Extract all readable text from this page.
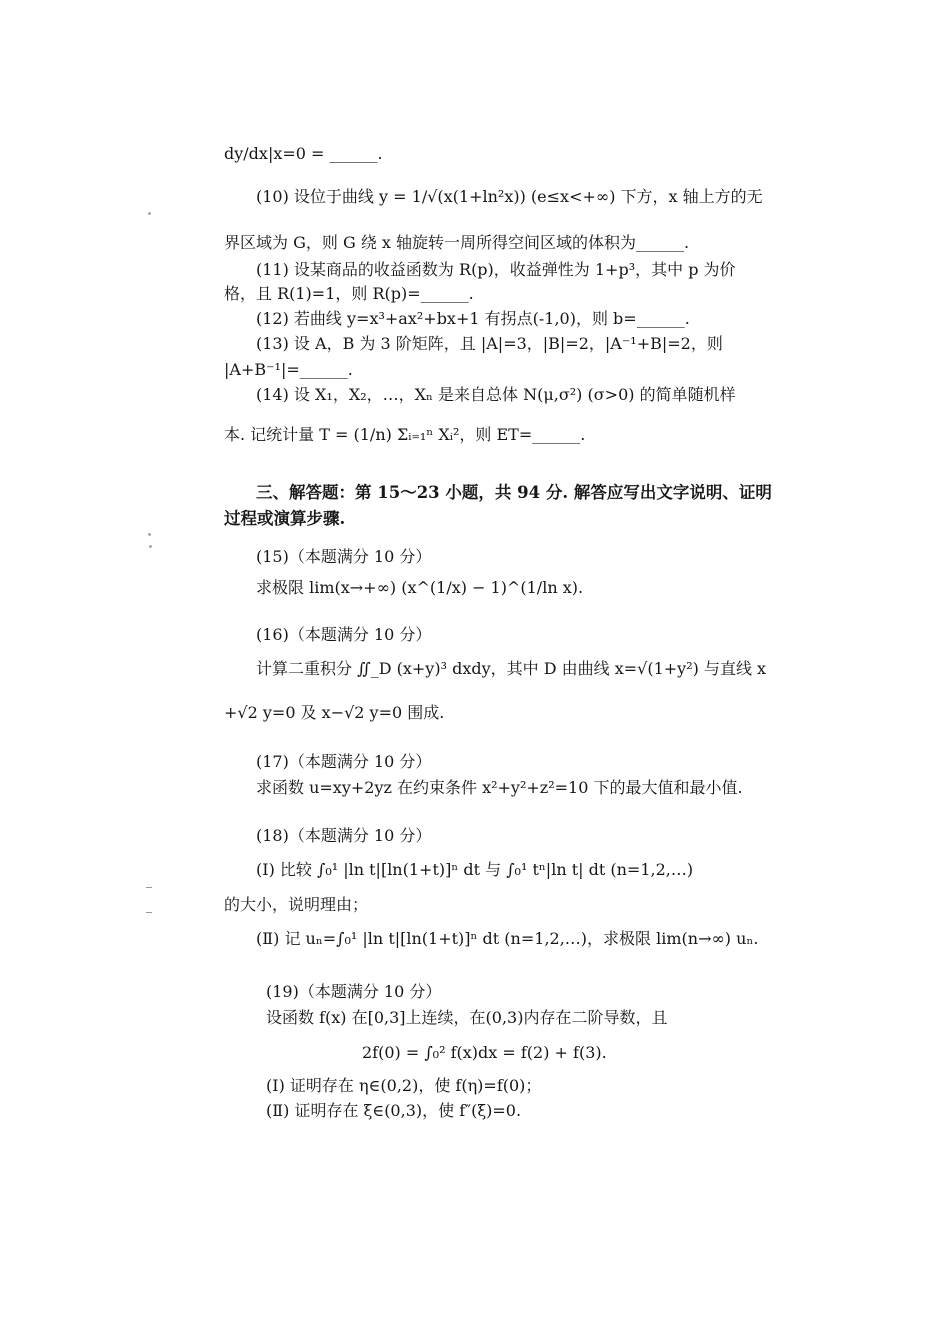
dy/dx|x=0 = ______.
(10) 设位于曲线 y = 1/√(x(1+ln²x)) (e≤x<+∞) 下方，x 轴上方的无
界区域为 G，则 G 绕 x 轴旋转一周所得空间区域的体积为______.
(11) 设某商品的收益函数为 R(p)，收益弹性为 1+p³，其中 p 为价
格，且 R(1)=1，则 R(p)=______.
(12) 若曲线 y=x³+ax²+bx+1 有拐点(-1,0)，则 b=______.
(13) 设 A，B 为 3 阶矩阵，且 |A|=3，|B|=2，|A⁻¹+B|=2，则
|A+B⁻¹|=______.
(14) 设 X₁，X₂，…，Xₙ 是来自总体 N(μ,σ²) (σ>0) 的简单随机样
本. 记统计量 T = (1/n) Σᵢ₌₁ⁿ Xᵢ²，则 ET=______.
三、解答题：第 15～23 小题，共 94 分. 解答应写出文字说明、证明
过程或演算步骤.
(15)（本题满分 10 分）
求极限 lim(x→+∞) (x^(1/x) − 1)^(1/ln x).
(16)（本题满分 10 分）
计算二重积分 ∬_D (x+y)³ dxdy，其中 D 由曲线 x=√(1+y²) 与直线 x
+√2 y=0 及 x−√2 y=0 围成.
(17)（本题满分 10 分）
求函数 u=xy+2yz 在约束条件 x²+y²+z²=10 下的最大值和最小值.
(18)（本题满分 10 分）
(Ⅰ) 比较 ∫₀¹ |ln t|[ln(1+t)]ⁿ dt 与 ∫₀¹ tⁿ|ln t| dt (n=1,2,…)
的大小，说明理由；
(Ⅱ) 记 uₙ=∫₀¹ |ln t|[ln(1+t)]ⁿ dt (n=1,2,…)，求极限 lim(n→∞) uₙ.
(19)（本题满分 10 分）
设函数 f(x) 在[0,3]上连续，在(0,3)内存在二阶导数，且
2f(0) = ∫₀² f(x)dx = f(2) + f(3).
(Ⅰ) 证明存在 η∈(0,2)，使 f(η)=f(0)；
(Ⅱ) 证明存在 ξ∈(0,3)，使 f″(ξ)=0.
